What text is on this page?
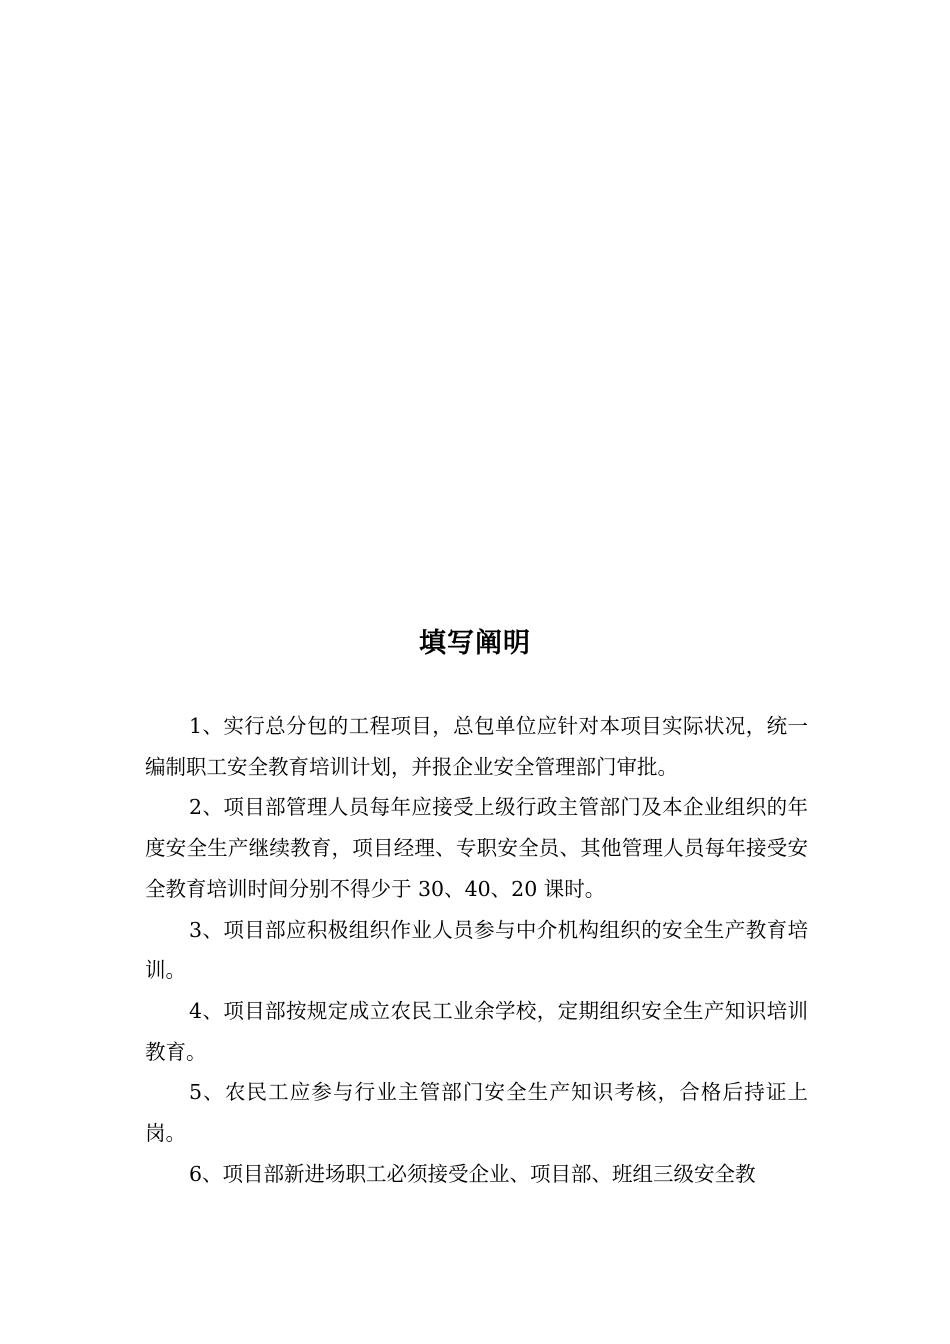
填写阐明

1、实行总分包的工程项目，总包单位应针对本项目实际状况，统一编制职工安全教育培训计划，并报企业安全管理部门审批。

2、项目部管理人员每年应接受上级行政主管部门及本企业组织的年度安全生产继续教育，项目经理、专职安全员、其他管理人员每年接受安全教育培训时间分别不得少于 30、40、20 课时。

3、项目部应积极组织作业人员参与中介机构组织的安全生产教育培训。

4、项目部按规定成立农民工业余学校，定期组织安全生产知识培训教育。

5、农民工应参与行业主管部门安全生产知识考核，合格后持证上岗。

6、项目部新进场职工必须接受企业、项目部、班组三级安全教
